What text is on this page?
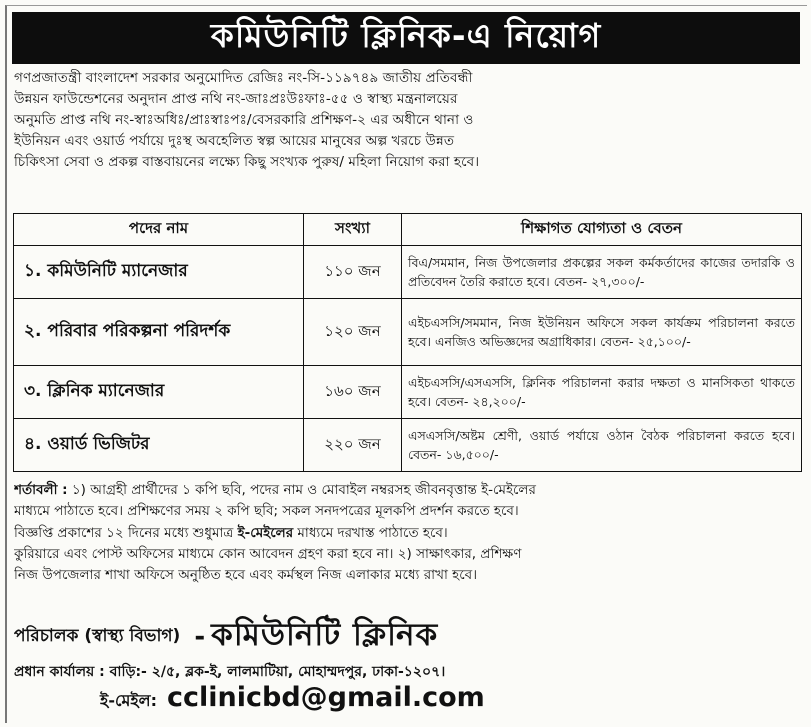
কমিউনিটি ক্লিনিক-এ নিয়োগ
গণপ্রজাতন্ত্রী বাংলাদেশ সরকার অনুমোদিত রেজিঃ নং-সি-১১৯৭৪৯ জাতীয় প্রতিবন্ধী
উন্নয়ন ফাউন্ডেশনের অনুদান প্রাপ্ত নথি নং-জাঃপ্রঃউঃফাঃ-৫৫ ও স্বাস্থ্য মন্ত্রনালয়ের
অনুমতি প্রাপ্ত নথি নং-স্বাঃঅধিঃ/প্রাঃস্বাঃপঃ/বেসরকারি প্রশিক্ষণ-২ এর অধীনে থানা ও
ইউনিয়ন এবং ওয়ার্ড পর্যায়ে দুঃস্থ অবহেলিত স্বল্প আয়ের মানুষের অল্প খরচে উন্নত
চিকিৎসা সেবা ও প্রকল্প বাস্তবায়নের লক্ষ্যে কিছু সংখ্যক পুরুষ/ মহিলা নিয়োগ করা হবে।
পদের নাম	সংখ্যা	শিক্ষাগত যোগ্যতা ও বেতন
১. কমিউনিটি ম্যানেজার	১১০ জন	বিএ/সমমান, নিজ উপজেলার প্রকল্পের সকল কর্মকর্তাদের কাজের তদারকি ও প্রতিবেদন তৈরি করাতে হবে। বেতন- ২৭,৩০০/-
২. পরিবার পরিকল্পনা পরিদর্শক	১২০ জন	এইচএসসি/সমমান, নিজ ইউনিয়ন অফিসে সকল কার্যক্রম পরিচালনা করতে হবে। এনজিও অভিজ্ঞদের অগ্রাধিকার। বেতন- ২৫,১০০/-
৩. ক্লিনিক ম্যানেজার	১৬০ জন	এইচএসসি/এসএসসি, ক্লিনিক পরিচালনা করার দক্ষতা ও মানসিকতা থাকতে হবে। বেতন- ২৪,২০০/-
৪. ওয়ার্ড ভিজিটর	২২০ জন	এসএসসি/অষ্টম শ্রেণী, ওয়ার্ড পর্যায়ে ওঠান বৈঠক পরিচালনা করতে হবে। বেতন- ১৬,৫০০/-
শর্তাবলী : ১) আগ্রহী প্রার্থীদের ১ কপি ছবি, পদের নাম ও মোবাইল নম্বরসহ জীবনবৃত্তান্ত ই-মেইলের
মাধ্যমে পাঠাতে হবে। প্রশিক্ষণের সময় ২ কপি ছবি; সকল সনদপত্রের মূলকপি প্রদর্শন করতে হবে।
বিজ্ঞপ্তি প্রকাশের ১২ দিনের মধ্যে শুধুমাত্র ই-মেইলের মাধ্যমে দরখাস্ত পাঠাতে হবে।
কুরিয়ারে এবং পোস্ট অফিসের মাধ্যমে কোন আবেদন গ্রহণ করা হবে না। ২) সাক্ষাৎকার, প্রশিক্ষণ
নিজ উপজেলার শাখা অফিসে অনুষ্ঠিত হবে এবং কর্মস্থল নিজ এলাকার মধ্যে রাখা হবে।
পরিচালক (স্বাস্থ্য বিভাগ) - কমিউনিটি ক্লিনিক
প্রধান কার্যালয় : বাড়ি:- ২/৫, ব্লক-ই, লালমাটিয়া, মোহাম্মদপুর, ঢাকা-১২০৭।
ই-মেইল: cclinicbd@gmail.com
